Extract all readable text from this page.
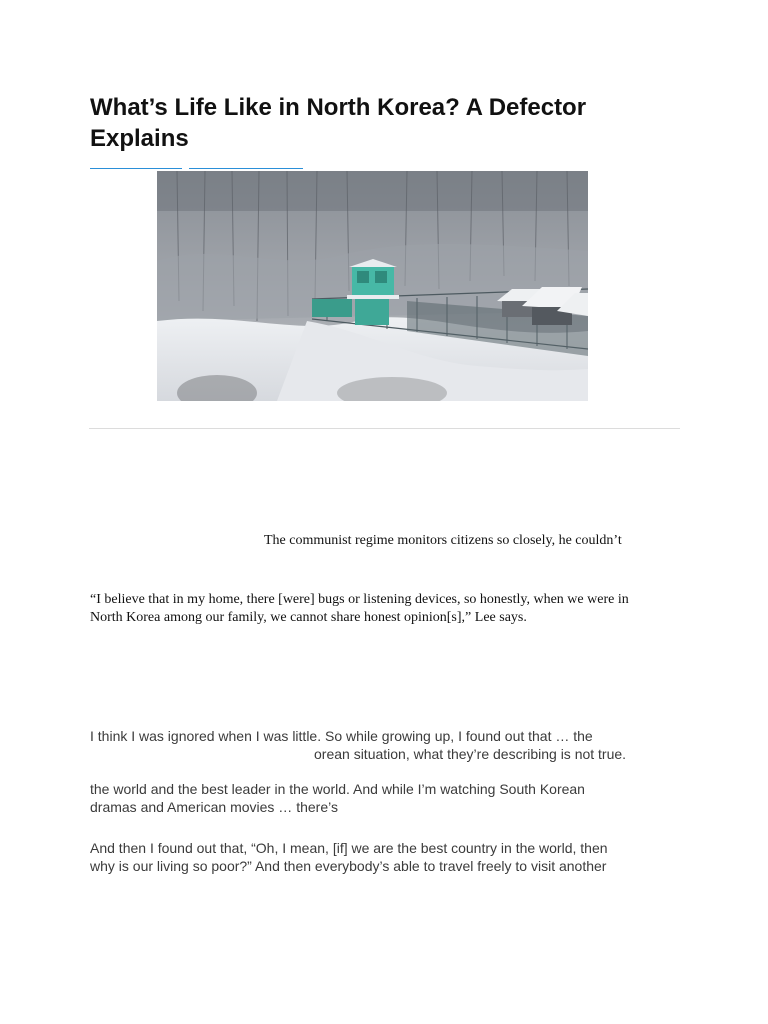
What’s Life Like in North Korea? A Defector Explains

The communist regime monitors citizens so closely, he couldn’t

“I believe that in my home, there [were] bugs or listening devices, so honestly, when we were in

North Korea among our family, we cannot share honest opinion[s],” Lee says.

I think I was ignored when I was little. So while growing up, I found out that … the

orean situation, what they’re describing is not true.

the world and the best leader in the world. And while I’m watching South Korean

dramas and American movies … there’s

And then I found out that, “Oh, I mean, [if] we are the best country in the world, then

why is our living so poor?” And then everybody’s able to travel freely to visit another
